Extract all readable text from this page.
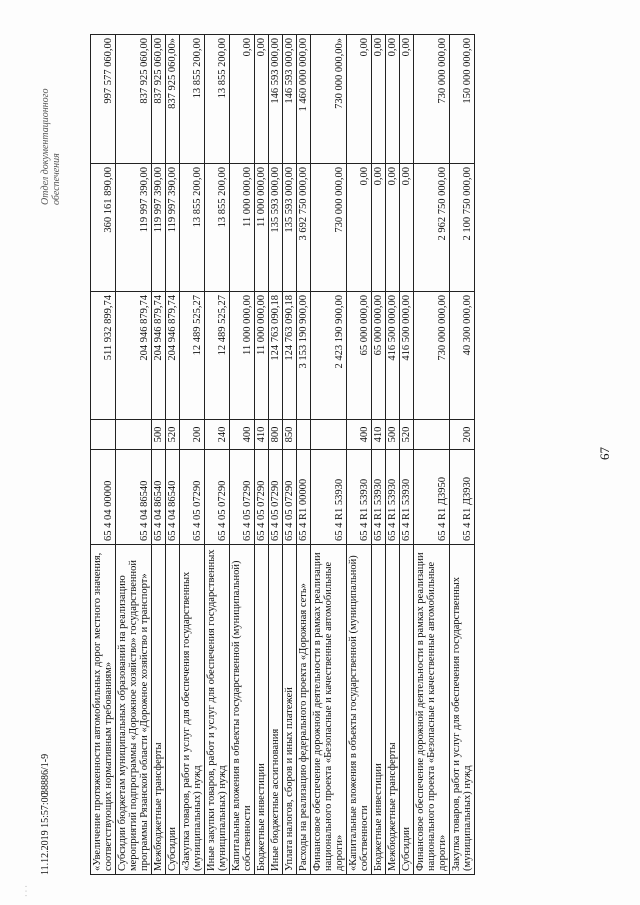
· · ·
11.12.2019 15:57:00
38886/1-9
Отдел документационного обеспечения
67
«Увеличение протяженности автомобильных дорог местного значения, соответствующих нормативным требованиям»	65 4 04 00000		511 932 899,74	360 161 890,00	997 577 060,00
Субсидии бюджетам муниципальных образований на реализацию мероприятий подпрограммы «Дорожное хозяйство» государственной программы Рязанской области «Дорожное хозяйство и транспорт»	65 4 04 86540		204 946 879,74	119 997 390,00	837 925 060,00
Межбюджетные трансферты	65 4 04 86540	500	204 946 879,74	119 997 390,00	837 925 060,00
Субсидии	65 4 04 86540	520	204 946 879,74	119 997 390,00	837 925 060,00»
«Закупка товаров, работ и услуг для обеспечения государственных (муниципальных) нужд	65 4 05 07290	200	12 489 525,27	13 855 200,00	13 855 200,00
Иные закупки товаров, работ и услуг для обеспечения государственных (муниципальных) нужд	65 4 05 07290	240	12 489 525,27	13 855 200,00	13 855 200,00
Капитальные вложения в объекты государственной (муниципальной) собственности	65 4 05 07290	400	11 000 000,00	11 000 000,00	0,00
Бюджетные инвестиции	65 4 05 07290	410	11 000 000,00	11 000 000,00	0,00
Иные бюджетные ассигнования	65 4 05 07290	800	124 763 090,18	135 593 000,00	146 593 000,00
Уплата налогов, сборов и иных платежей	65 4 05 07290	850	124 763 090,18	135 593 000,00	146 593 000,00
Расходы на реализацию федерального проекта «Дорожная сеть»	65 4 R1 00000		3 153 190 900,00	3 692 750 000,00	1 460 000 000,00
Финансовое обеспечение дорожной деятельности в рамках реализации национального проекта «Безопасные и качественные автомобильные дороги»	65 4 R1 53930		2 423 190 900,00	730 000 000,00	730 000 000,00»
«Капитальные вложения в объекты государственной (муниципальной) собственности	65 4 R1 53930	400	65 000 000,00	0,00	0,00
Бюджетные инвестиции	65 4 R1 53930	410	65 000 000,00	0,00	0,00
Межбюджетные трансферты	65 4 R1 53930	500	416 500 000,00	0,00	0,00
Субсидии	65 4 R1 53930	520	416 500 000,00	0,00	0,00
Финансовое обеспечение дорожной деятельности в рамках реализации национального проекта «Безопасные и качественные автомобильные дороги»	65 4 R1 Д3950		730 000 000,00	2 962 750 000,00	730 000 000,00
Закупка товаров, работ и услуг для обеспечения государственных (муниципальных) нужд	65 4 R1 Д3930	200	40 300 000,00	2 100 750 000,00	150 000 000,00
